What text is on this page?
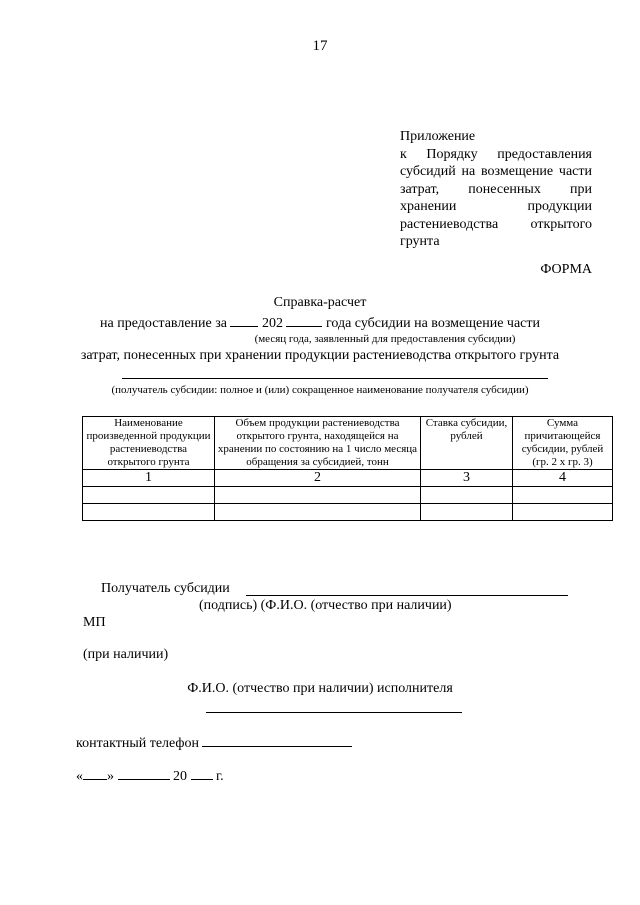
17
Приложение
к Порядку предоставления субсидий на возмещение части затрат, понесенных при хранении продукции растениеводства открытого грунта
ФОРМА
Справка-расчет
на предоставление за	202	года субсидии на возмещение части
(месяц года, заявленный для предоставления субсидии)
затрат, понесенных при хранении продукции растениеводства открытого грунта
(получатель субсидии: полное и (или) сокращенное наименование получателя субсидии)
Наименование произведенной продукции растениеводства открытого грунта	Объем продукции растениеводства открытого грунта, находящейся на хранении по состоянию на 1 число месяца обращения за субсидией, тонн	Ставка субсидии, рублей	Сумма причитающейся субсидии, рублей (гр. 2 х гр. 3)
1	2	3	4

Получатель субсидии
(подпись) (Ф.И.О. (отчество при наличии)
МП
(при наличии)
Ф.И.О. (отчество при наличии) исполнителя
контактный телефон
« »	20 г.
